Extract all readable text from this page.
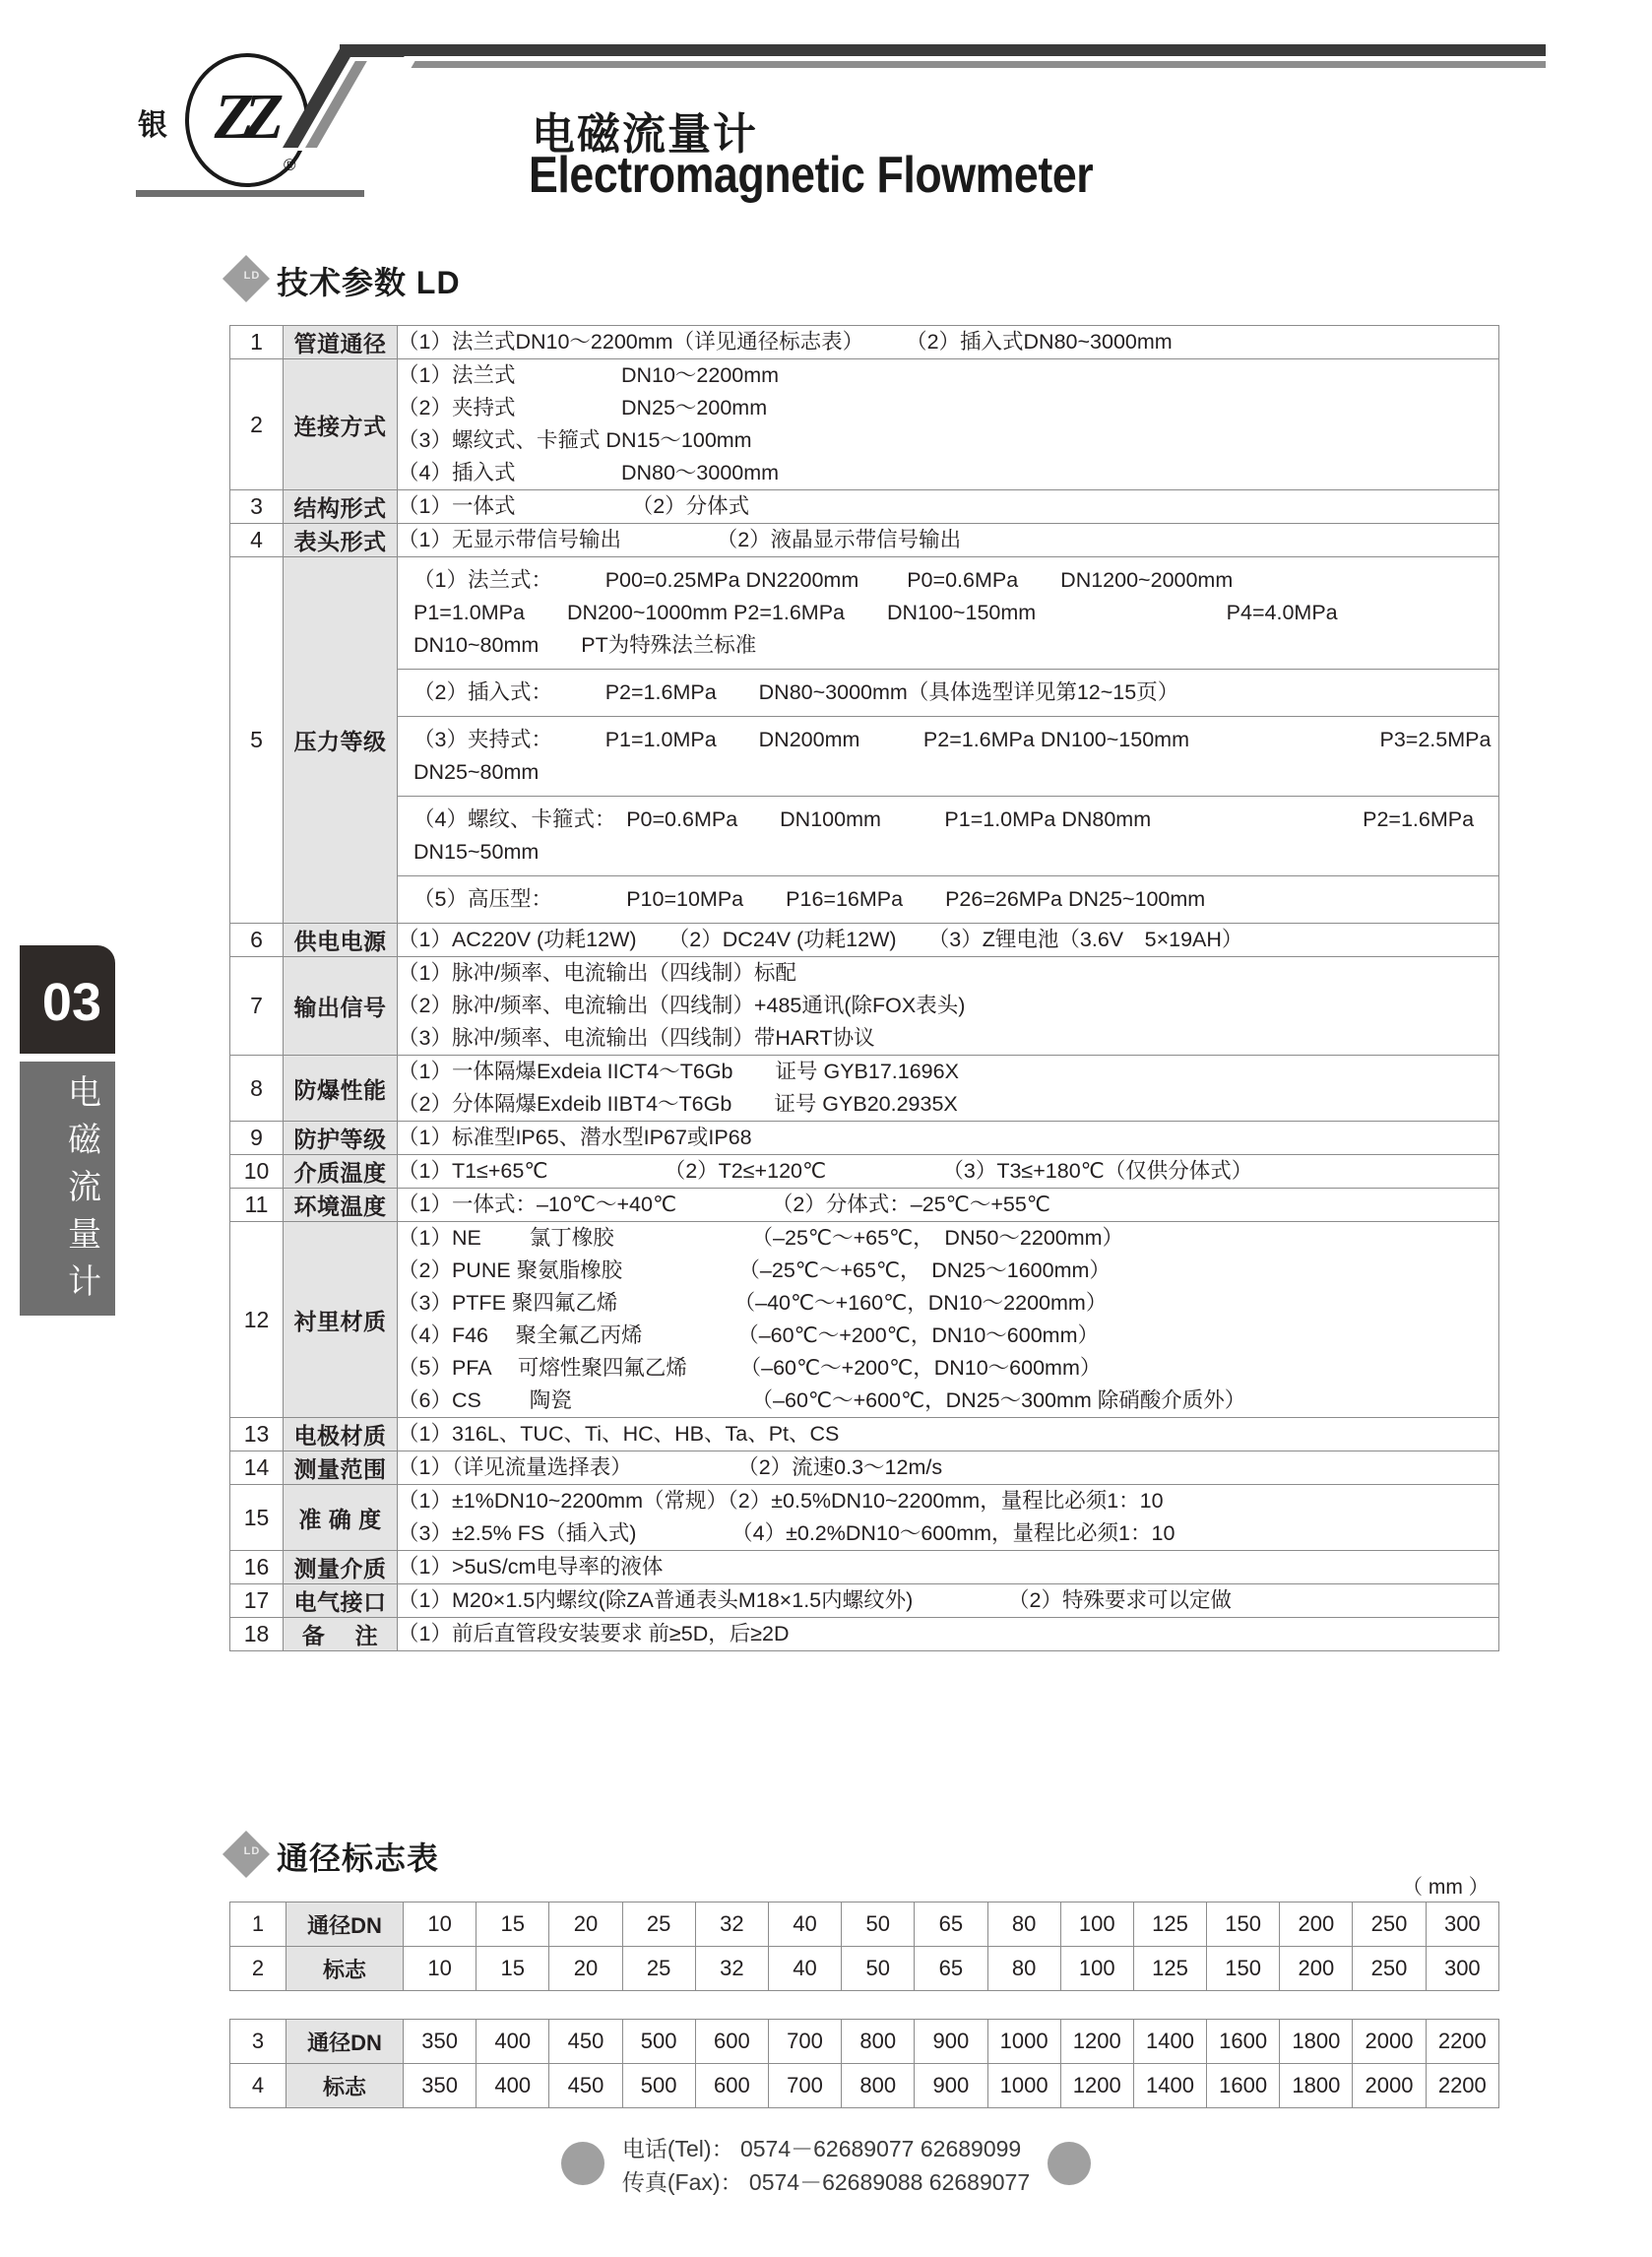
银 ZZ
®
电磁流量计
Electromagnetic Flowmeter
03
电
磁
流
量
计
LD 技术参数 LD
1	管道通径	（1）法兰式DN10～2200mm（详见通径标志表）　　　（2）插入式DN80~3000mm

2	连接方式	
（1）法兰式　　　　　DN10～2200mm
（2）夹持式　　　　　DN25～200mm
（3）螺纹式、卡箍式 DN15～100mm
（4）插入式　　　　　DN80～3000mm

3	结构形式	（1）一体式　　　　　　（2）分体式

4	表头形式	（1）无显示带信号输出　　　　　（2）液晶显示带信号输出

5	压力等级	
（1）法兰式：　　　P00=0.25MPa DN2200mm　　 P0=0.6MPa　　DN1200~2000mm　　　　　　　　　P1=1.0MPa　　DN200~1000mm P2=1.6MPa　　DN100~150mm　　　　　　　　　P4=4.0MPa　　DN10~80mm　　PT为特殊法兰标准
（2）插入式：　　　P2=1.6MPa　　DN80~3000mm（具体选型详见第12~15页）
（3）夹持式：　　　P1=1.0MPa　　DN200mm　　　P2=1.6MPa DN100~150mm　　　　　　　　　P3=2.5MPa　　DN25~80mm
（4）螺纹、卡箍式：　P0=0.6MPa　　DN100mm　　　P1=1.0MPa DN80mm　　　　　　　　　　P2=1.6MPa　　DN15~50mm
（5）高压型：　　　　P10=10MPa　　P16=16MPa　　P26=26MPa DN25~100mm

6	供电电源	（1）AC220V (功耗12W)　　（2）DC24V (功耗12W)　　（3）Z锂电池（3.6V　5×19AH）

7	输出信号	
（1）脉冲/频率、电流输出（四线制）标配
（2）脉冲/频率、电流输出（四线制）+485通讯(除FOX表头)
（3）脉冲/频率、电流输出（四线制）带HART协议

8	防爆性能	
（1）一体隔爆Exdeia IICT4～T6Gb　　证号 GYB17.1696X
（2）分体隔爆Exdeib IIBT4～T6Gb　　证号 GYB20.2935X

9	防护等级	（1）标准型IP65、潜水型IP67或IP68

10	介质温度	（1）T1≤+65℃　　　　　　（2）T2≤+120℃　　　　　　（3）T3≤+180℃（仅供分体式）

11	环境温度	（1）一体式：–10℃～+40℃　　　　　（2）分体式：–25℃～+55℃

12	衬里材质	
（1）NE　　 氯丁橡胶　　　　　　　（–25℃～+65℃，　DN50～2200mm）
（2）PUNE 聚氨脂橡胶　　　　　　（–25℃～+65℃，　DN25～1600mm）
（3）PTFE 聚四氟乙烯　　　　　　（–40℃～+160℃，DN10～2200mm）
（4）F46　 聚全氟乙丙烯　　　　　（–60℃～+200℃，DN10～600mm）
（5）PFA　 可熔性聚四氟乙烯　　　（–60℃～+200℃，DN10～600mm）
（6）CS　　 陶瓷　　　　　　　　　（–60℃～+600℃，DN25～300mm 除硝酸介质外）

13	电极材质	（1）316L、TUC、Ti、HC、HB、Ta、Pt、CS

14	测量范围	（1）（详见流量选择表）　　　　　　（2）流速0.3～12m/s

15	准 确 度	
（1）±1%DN10~2200mm（常规）（2）±0.5%DN10~2200mm，量程比必须1：10
（3）±2.5% FS（插入式)　　　　　（4）±0.2%DN10～600mm，量程比必须1：10

16	测量介质	（1）>5uS/cm电导率的液体

17	电气接口	（1）M20×1.5内螺纹(除ZA普通表头M18×1.5内螺纹外)　　　　　（2）特殊要求可以定做

18	备　 注	（1）前后直管段安装要求 前≥5D，后≥2D
LD 通径标志表
（ mm ）
1	通径DN	10	15	20	25	32	40	50	65	80	100	125	150	200	250	300
2	标志	10	15	20	25	32	40	50	65	80	100	125	150	200	250	300
3	通径DN	350	400	450	500	600	700	800	900	1000	1200	1400	1600	1800	2000	2200
4	标志	350	400	450	500	600	700	800	900	1000	1200	1400	1600	1800	2000	2200
电话(Tel)： 0574－62689077 62689099
传真(Fax)： 0574－62689088 62689077
